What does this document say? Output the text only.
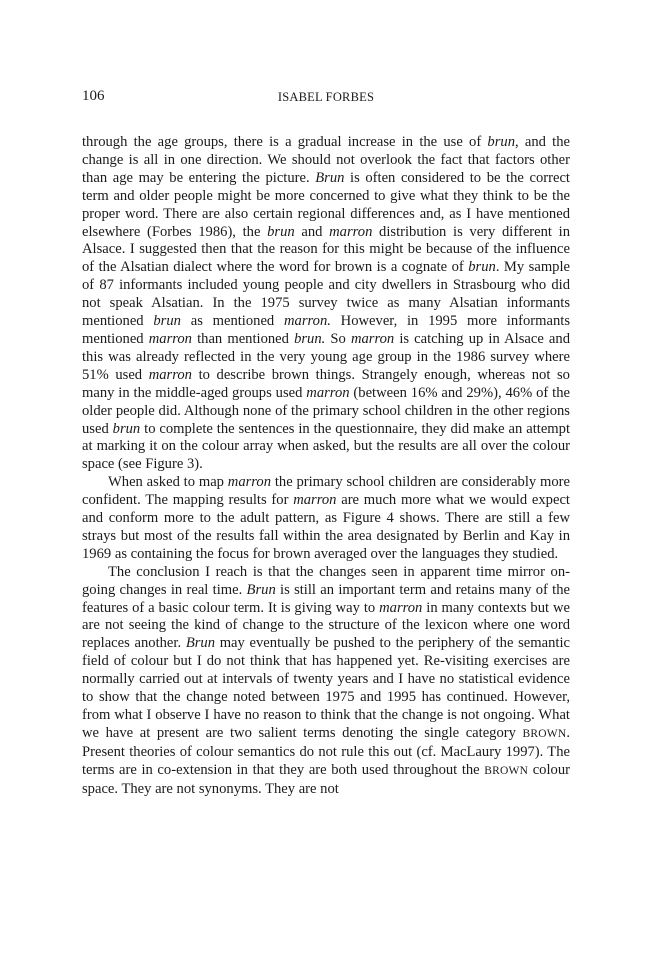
106	ISABEL FORBES

through the age groups, there is a gradual increase in the use of brun, and the change is all in one direction. We should not overlook the fact that factors other than age may be entering the picture. Brun is often considered to be the correct term and older people might be more concerned to give what they think to be the proper word. There are also certain regional differences and, as I have mentioned elsewhere (Forbes 1986), the brun and marron distribution is very different in Alsace. I suggested then that the reason for this might be because of the influence of the Alsatian dialect where the word for brown is a cognate of brun. My sample of 87 informants included young people and city dwellers in Strasbourg who did not speak Alsatian. In the 1975 survey twice as many Alsatian informants mentioned brun as mentioned marron. However, in 1995 more informants mentioned marron than mentioned brun. So marron is catching up in Alsace and this was already reflected in the very young age group in the 1986 survey where 51% used marron to describe brown things. Strangely enough, whereas not so many in the middle-aged groups used marron (between 16% and 29%), 46% of the older people did. Although none of the primary school children in the other regions used brun to complete the sentences in the questionnaire, they did make an attempt at marking it on the colour array when asked, but the results are all over the colour space (see Figure 3).

When asked to map marron the primary school children are considerably more confident. The mapping results for marron are much more what we would expect and conform more to the adult pattern, as Figure 4 shows. There are still a few strays but most of the results fall within the area designated by Berlin and Kay in 1969 as containing the focus for brown averaged over the languages they studied.

The conclusion I reach is that the changes seen in apparent time mirror on-going changes in real time. Brun is still an important term and retains many of the features of a basic colour term. It is giving way to marron in many contexts but we are not seeing the kind of change to the structure of the lexicon where one word replaces another. Brun may eventually be pushed to the periphery of the semantic field of colour but I do not think that has happened yet. Re-visiting exercises are normally carried out at intervals of twenty years and I have no statistical evidence to show that the change noted between 1975 and 1995 has continued. However, from what I observe I have no reason to think that the change is not ongoing. What we have at present are two salient terms denoting the single category BROWN. Present theories of colour semantics do not rule this out (cf. MacLaury 1997). The terms are in co-extension in that they are both used throughout the BROWN colour space. They are not synonyms. They are not
